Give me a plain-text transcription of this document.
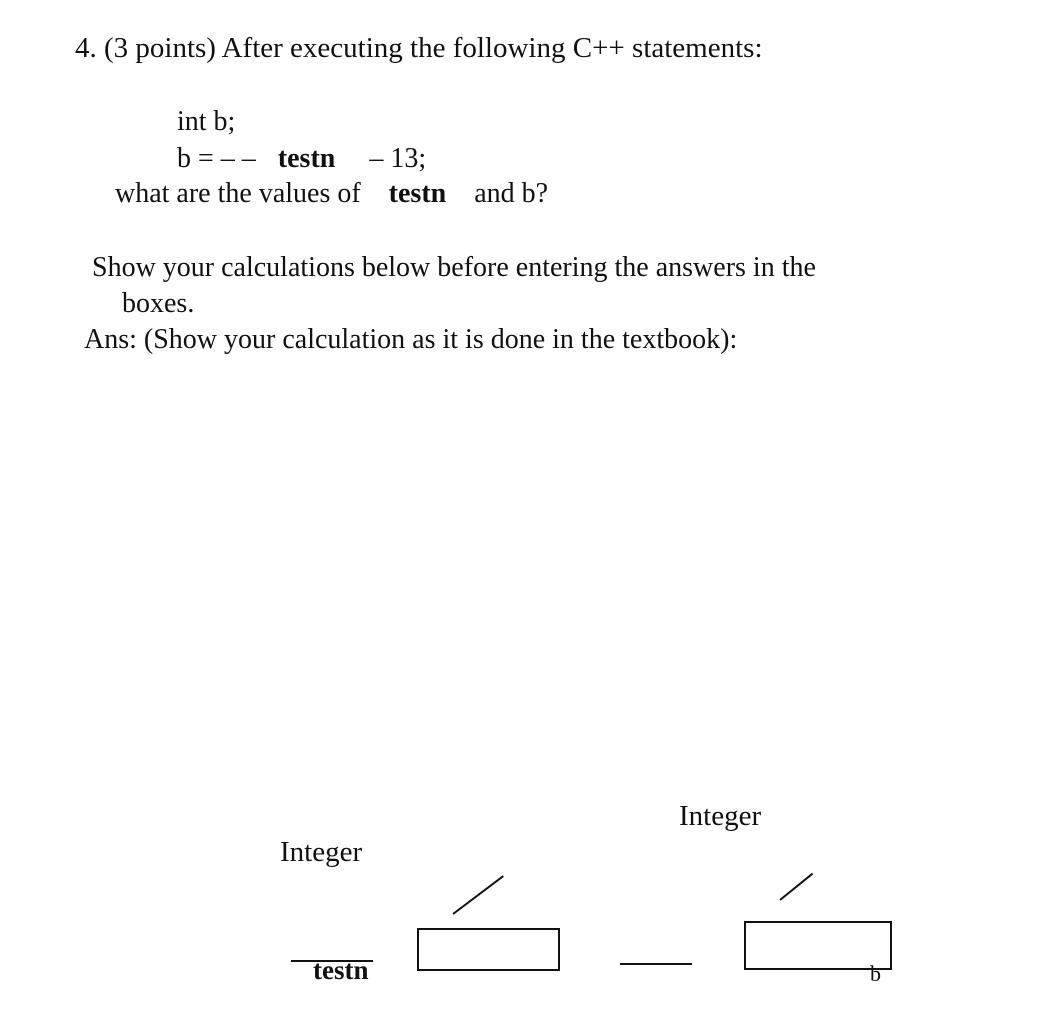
4. (3 points) After executing the following C++ statements:
int b;
b = – – testn – 13;
what are the values of testn and b?
Show your calculations below before entering the answers in the
boxes.
Ans: (Show your calculation as it is done in the textbook):
Integer
Integer
testn	b
